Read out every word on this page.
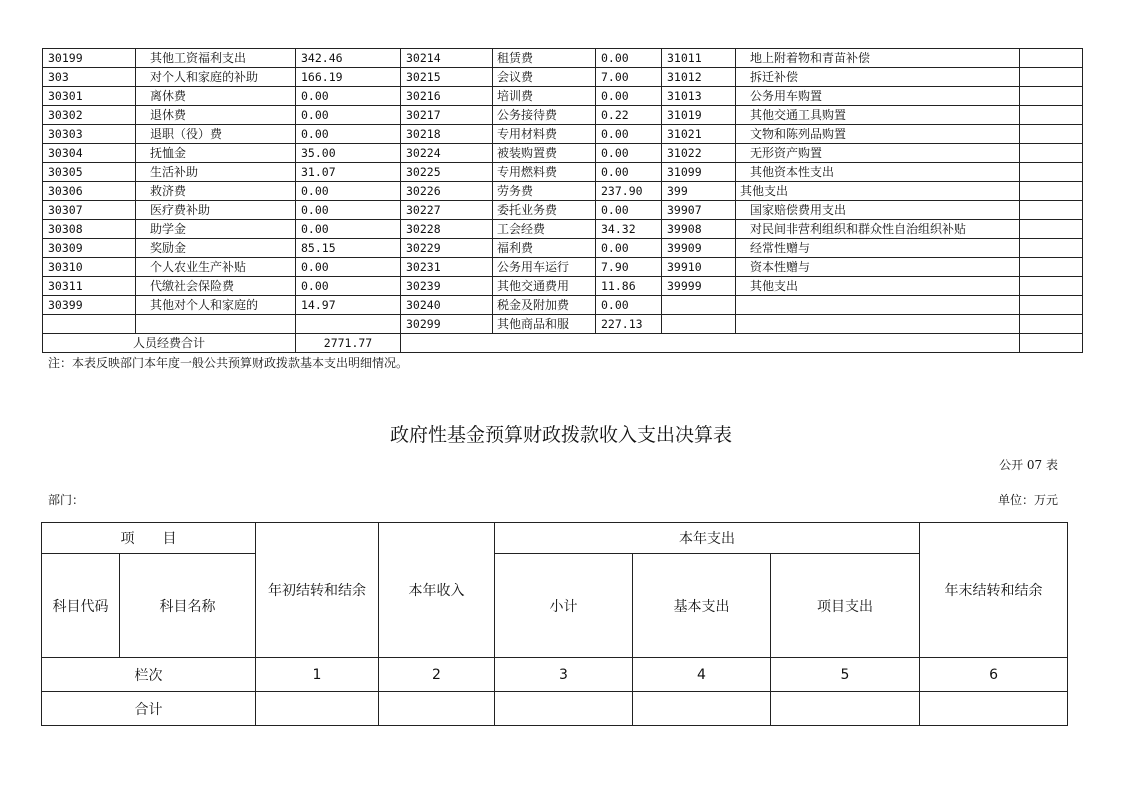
30199	其他工资福利支出	342.46	30214	租赁费	0.00	31011	地上附着物和青苗补偿	
303	对个人和家庭的补助	166.19	30215	会议费	7.00	31012	拆迁补偿	
30301	离休费	0.00	30216	培训费	0.00	31013	公务用车购置	
30302	退休费	0.00	30217	公务接待费	0.22	31019	其他交通工具购置	
30303	退职（役）费	0.00	30218	专用材料费	0.00	31021	文物和陈列品购置	
30304	抚恤金	35.00	30224	被装购置费	0.00	31022	无形资产购置	
30305	生活补助	31.07	30225	专用燃料费	0.00	31099	其他资本性支出	
30306	救济费	0.00	30226	劳务费	237.90	399	其他支出	
30307	医疗费补助	0.00	30227	委托业务费	0.00	39907	国家赔偿费用支出	
30308	助学金	0.00	30228	工会经费	34.32	39908	对民间非营利组织和群众性自治组织补贴	
30309	奖励金	85.15	30229	福利费	0.00	39909	经常性赠与	
30310	个人农业生产补贴	0.00	30231	公务用车运行	7.90	39910	资本性赠与	
30311	代缴社会保险费	0.00	30239	其他交通费用	11.86	39999	其他支出	
30399	其他对个人和家庭的	14.97	30240	税金及附加费	0.00			
			30299	其他商品和服	227.13			
人员经费合计		2771.77						
注：本表反映部门本年度一般公共预算财政拨款基本支出明细情况。
政府性基金预算财政拨款收入支出决算表
公开 07 表
部门：	单位：万元
项　　目		年初结转和结余	本年收入	本年支出			年末结转和结余
科目代码	科目名称			小计	基本支出	项目支出	
栏次		1	2	3	4	5	6
合计							
